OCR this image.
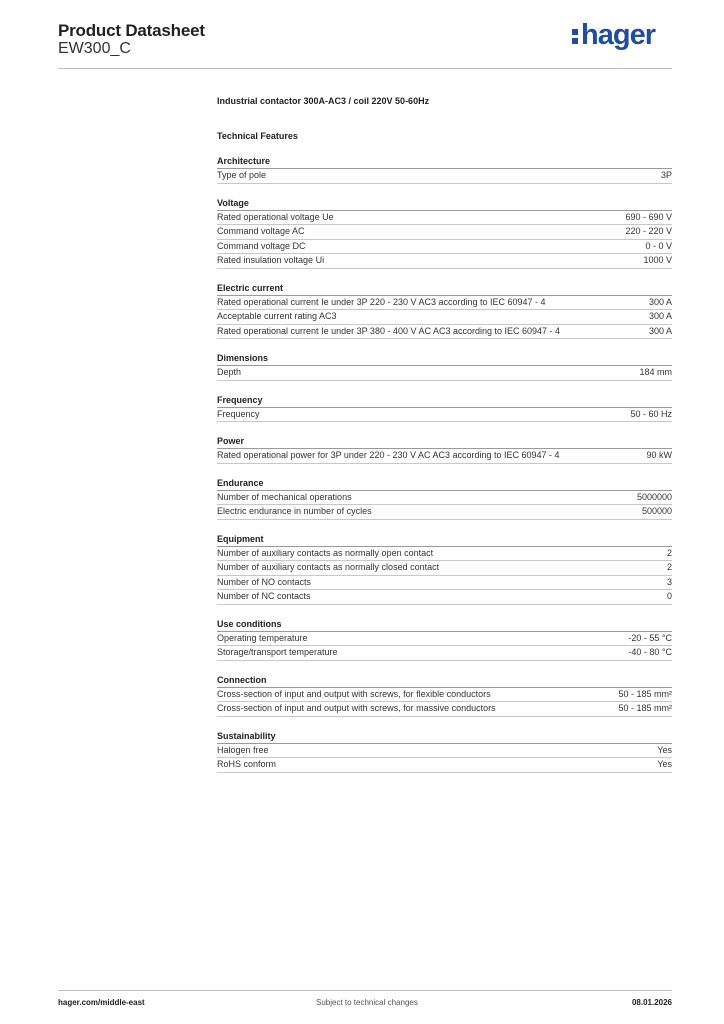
Product Datasheet
EW300_C	hager
Industrial contactor 300A-AC3 / coil 220V 50-60Hz
Technical Features
Architecture
Type of pole	3P
Voltage
Rated operational voltage Ue	690 - 690 V
Command voltage AC	220 - 220 V
Command voltage DC	0 - 0 V
Rated insulation voltage Ui	1000 V
Electric current
Rated operational current Ie under 3P 220 - 230 V AC3 according to IEC 60947 - 4	300 A
Acceptable current rating AC3	300 A
Rated operational current Ie under 3P 380 - 400 V AC AC3 according to IEC 60947 - 4	300 A
Dimensions
Depth	184 mm
Frequency
Frequency	50 - 60 Hz
Power
Rated operational power for 3P under 220 - 230 V AC AC3 according to IEC 60947 - 4	90 kW
Endurance
Number of mechanical operations	5000000
Electric endurance in number of cycles	500000
Equipment
Number of auxiliary contacts as normally open contact	2
Number of auxiliary contacts as normally closed contact	2
Number of NO contacts	3
Number of NC contacts	0
Use conditions
Operating temperature	-20 - 55 °C
Storage/transport temperature	-40 - 80 °C
Connection
Cross-section of input and output with screws, for flexible conductors	50 - 185 mm²
Cross-section of input and output with screws, for massive conductors	50 - 185 mm²
Sustainability
Halogen free	Yes
RoHS conform	Yes
hager.com/middle-east	Subject to technical changes	08.01.2026
